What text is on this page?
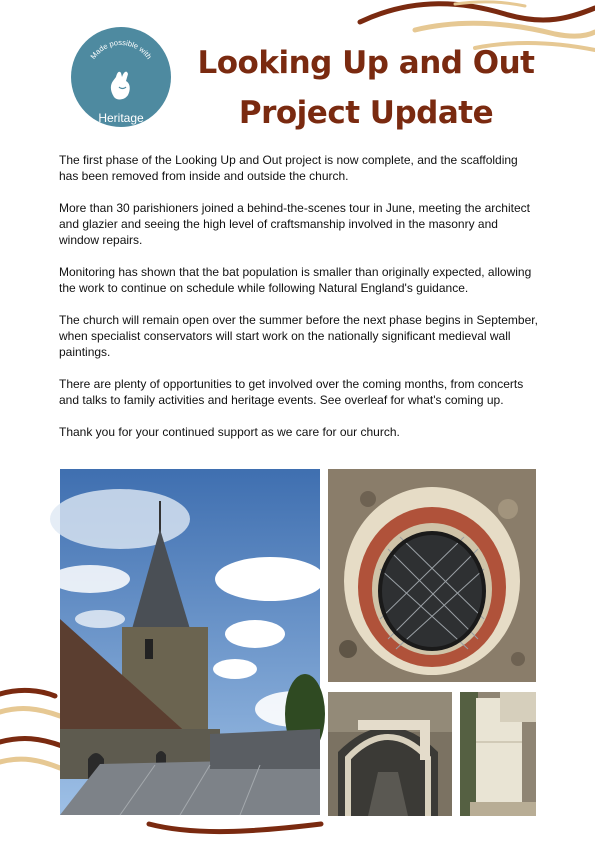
Made possible with
Heritage
Fund
Looking Up and Out
Project Update

The first phase of the Looking Up and Out project is now complete, and the scaffolding has been removed from inside and outside the church.

More than 30 parishioners joined a behind-the-scenes tour in June, meeting the architect and glazier and seeing the high level of craftsmanship involved in the masonry and window repairs.

Monitoring has shown that the bat population is smaller than originally expected, allowing the work to continue on schedule while following Natural England's guidance.

The church will remain open over the summer before the next phase begins in September, when specialist conservators will start work on the nationally significant medieval wall paintings.

There are plenty of opportunities to get involved over the coming months, from concerts and talks to family activities and heritage events. See overleaf for what's coming up.

Thank you for your continued support as we care for our church.
